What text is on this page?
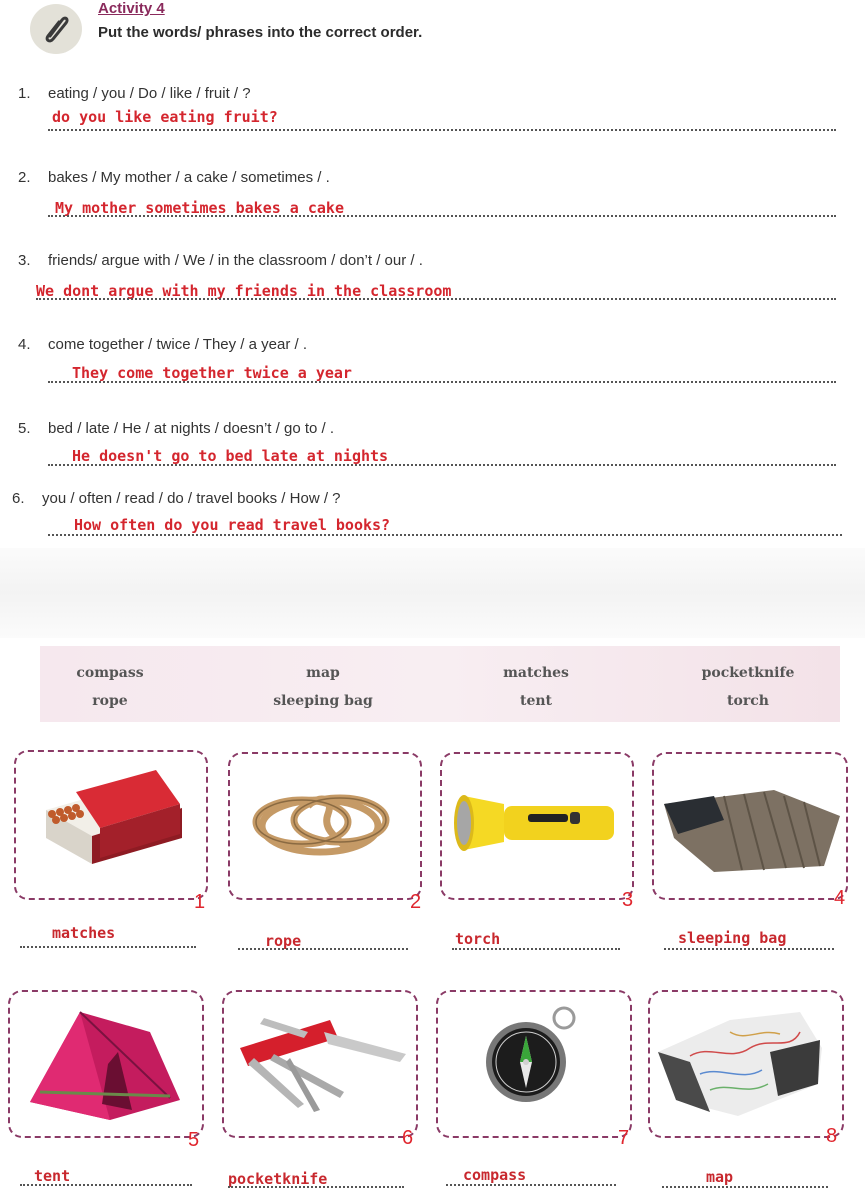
Activity 4
Put the words/ phrases into the correct order.
1. eating / you / Do / like / fruit / ?
do you like eating fruit?
2. bakes / My mother / a cake / sometimes / .
My mother sometimes bakes a cake
3. friends/ argue with / We / in the classroom / don’t / our / .
We dont argue with my friends in the classroom
4. come together / twice / They / a year / .
They come together twice a year
5. bed / late / He / at nights / doesn’t / go to / .
He doesn't go to bed late at nights
6. you / often / read / do / travel books / How / ?
How often do you read travel books?
compass	map	matches	pocketknife
rope	sleeping bag	tent	torch
1	2	3	4
matches	rope	torch	sleeping bag
5	6	7	8
tent	pocketknife	compass	map
